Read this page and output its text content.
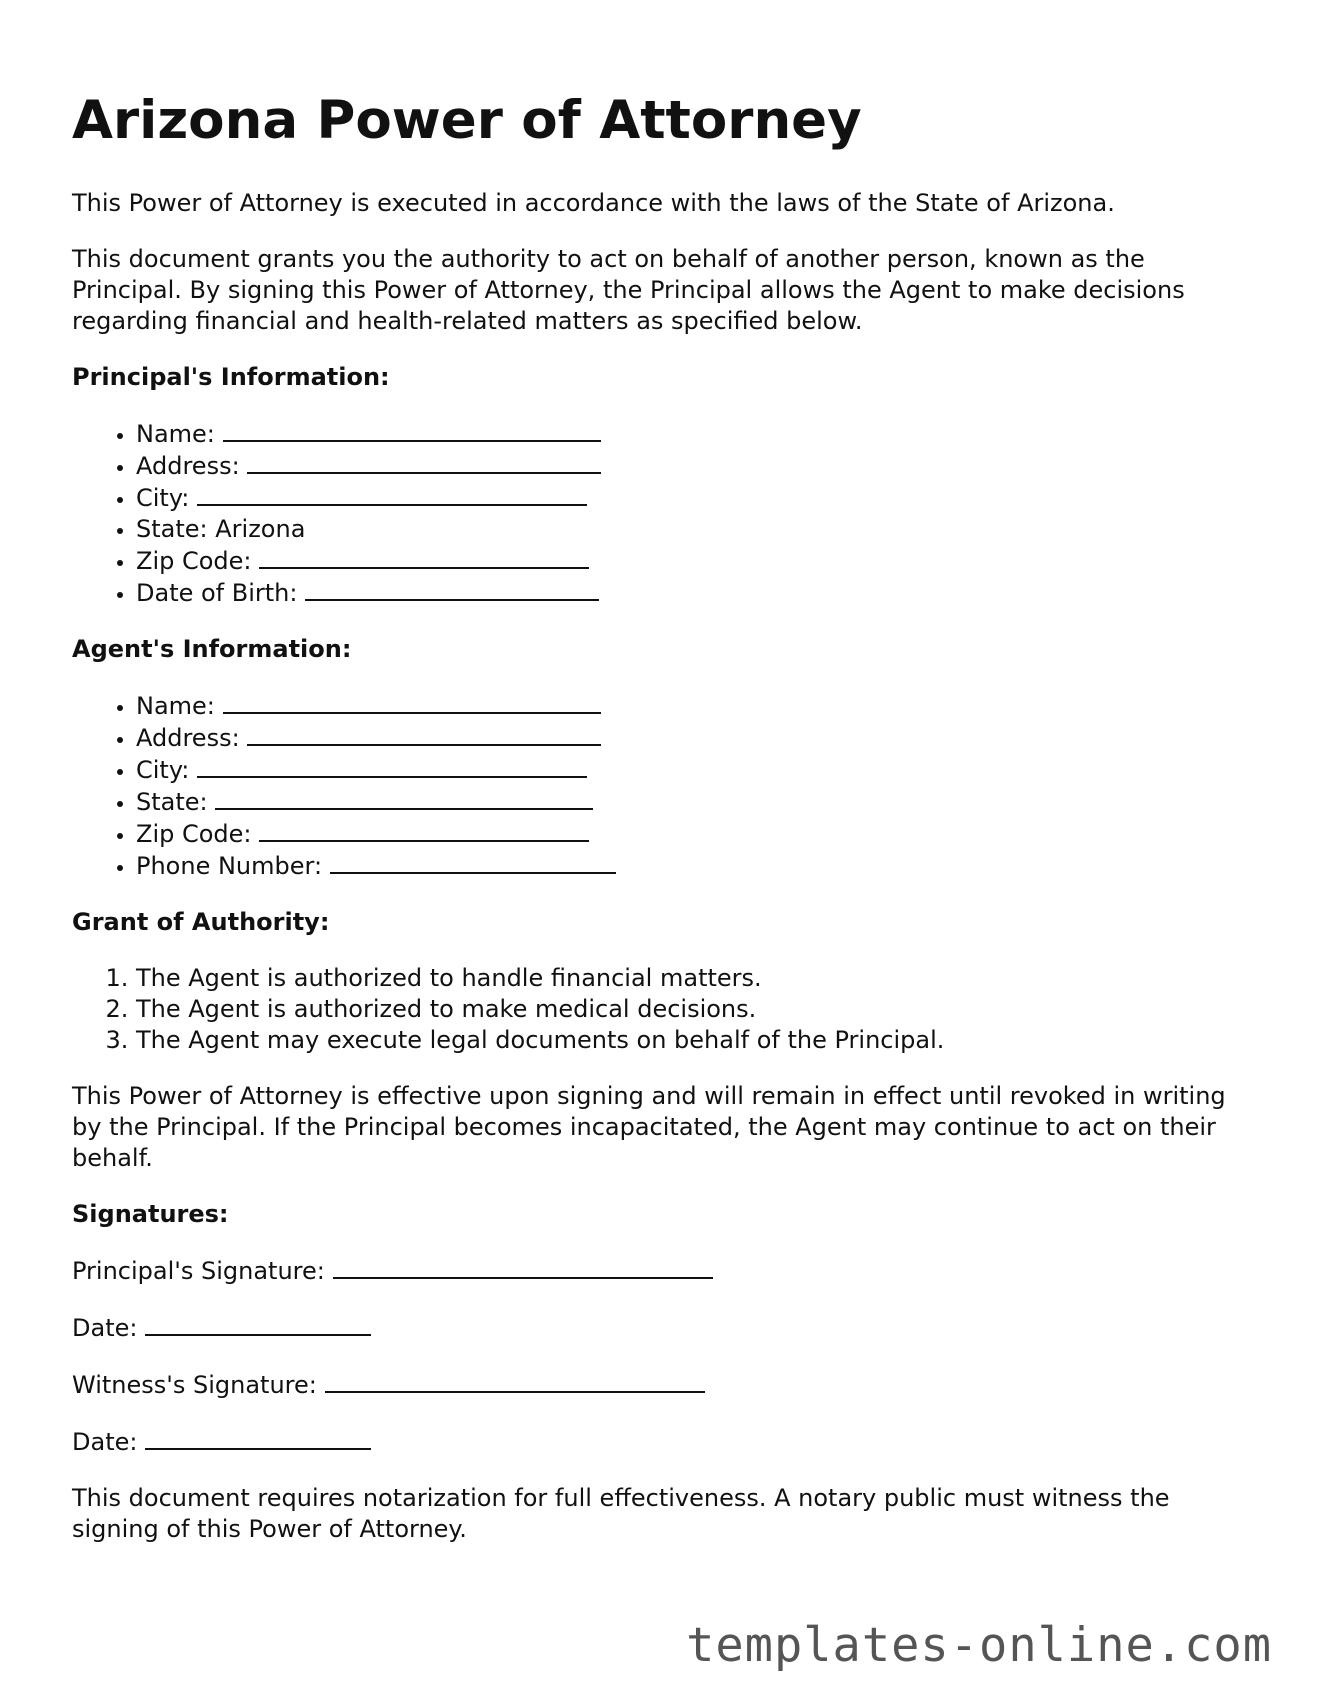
Arizona Power of Attorney

This Power of Attorney is executed in accordance with the laws of the State of Arizona.

This document grants you the authority to act on behalf of another person, known as the Principal. By signing this Power of Attorney, the Principal allows the Agent to make decisions regarding financial and health-related matters as specified below.

Principal's Information:
• Name:
• Address:
• City:
• State: Arizona
• Zip Code:
• Date of Birth:
Agent's Information:
• Name:
• Address:
• City:
• State:
• Zip Code:
• Phone Number:
Grant of Authority:
1. The Agent is authorized to handle financial matters.
2. The Agent is authorized to make medical decisions.
3. The Agent may execute legal documents on behalf of the Principal.

This Power of Attorney is effective upon signing and will remain in effect until revoked in writing by the Principal. If the Principal becomes incapacitated, the Agent may continue to act on their behalf.

Signatures:
Principal's Signature:
Date:
Witness's Signature:
Date:

This document requires notarization for full effectiveness. A notary public must witness the signing of this Power of Attorney.

templates-online.com
